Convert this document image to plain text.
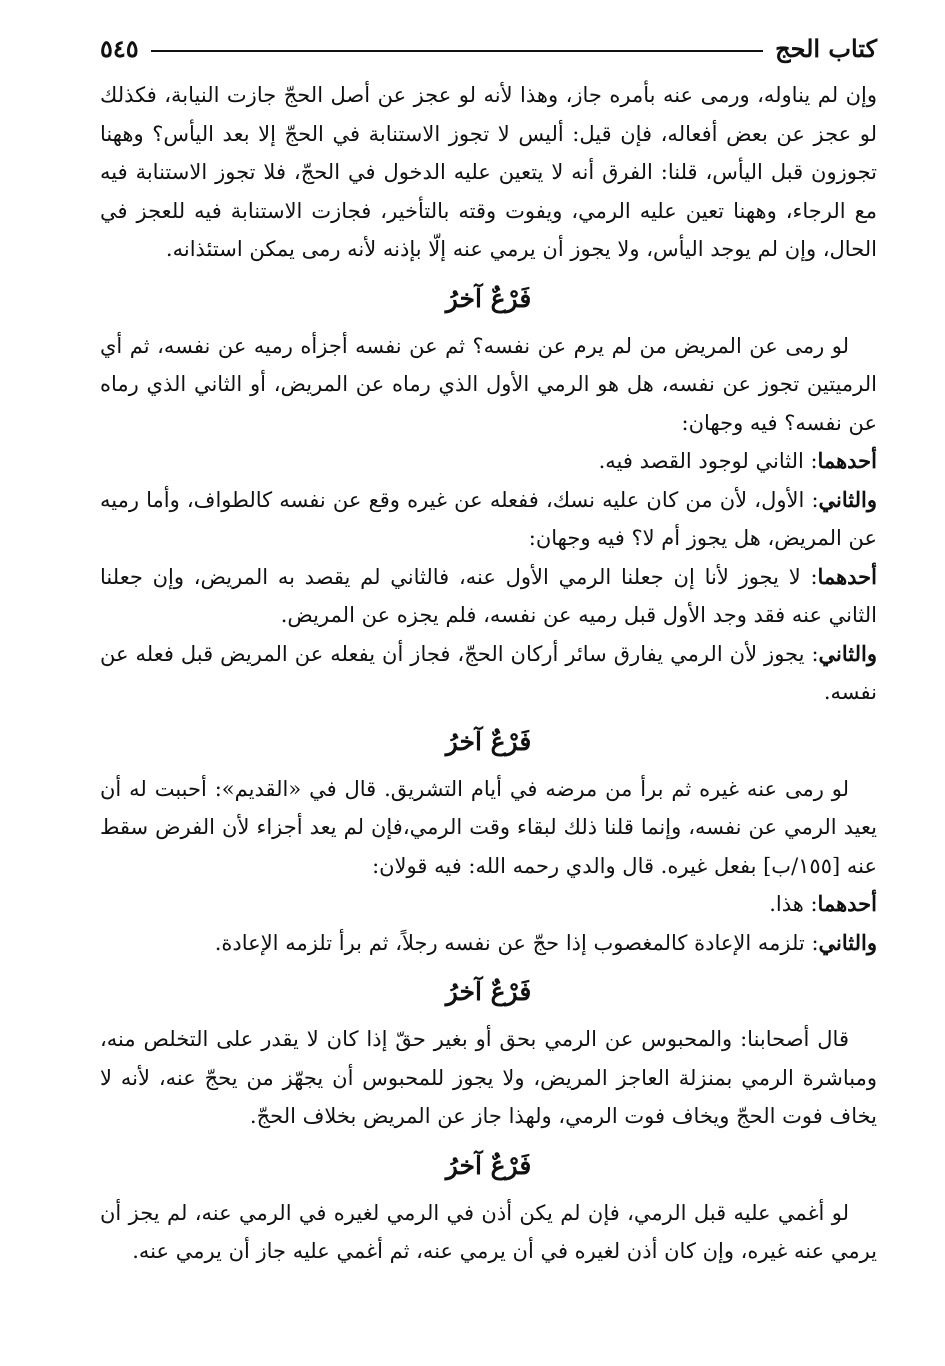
كتاب الحج
٥٤٥

وإن لم يناوله، ورمى عنه بأمره جاز، وهذا لأنه لو عجز عن أصل الحجّ جازت النيابة، فكذلك لو عجز عن بعض أفعاله، فإن قيل: أليس لا تجوز الاستنابة في الحجّ إلا بعد اليأس؟ وههنا تجوزون قبل اليأس، قلنا: الفرق أنه لا يتعين عليه الدخول في الحجّ، فلا تجوز الاستنابة فيه مع الرجاء، وههنا تعين عليه الرمي، ويفوت وقته بالتأخير، فجازت الاستنابة فيه للعجز في الحال، وإن لم يوجد اليأس، ولا يجوز أن يرمي عنه إلّا بإذنه لأنه رمى يمكن استئذانه.

فَرْعٌ آخرُ

لو رمى عن المريض من لم يرم عن نفسه؟ ثم عن نفسه أجزأه رميه عن نفسه، ثم أي الرميتين تجوز عن نفسه، هل هو الرمي الأول الذي رماه عن المريض، أو الثاني الذي رماه عن نفسه؟ فيه وجهان:

أحدهما: الثاني لوجود القصد فيه.

والثاني: الأول، لأن من كان عليه نسك، ففعله عن غيره وقع عن نفسه كالطواف، وأما رميه عن المريض، هل يجوز أم لا؟ فيه وجهان:

أحدهما: لا يجوز لأنا إن جعلنا الرمي الأول عنه، فالثاني لم يقصد به المريض، وإن جعلنا الثاني عنه فقد وجد الأول قبل رميه عن نفسه، فلم يجزه عن المريض.

والثاني: يجوز لأن الرمي يفارق سائر أركان الحجّ، فجاز أن يفعله عن المريض قبل فعله عن نفسه.

فَرْعٌ آخرُ

لو رمى عنه غيره ثم برأ من مرضه في أيام التشريق. قال في «القديم»: أحببت له أن يعيد الرمي عن نفسه، وإنما قلنا ذلك لبقاء وقت الرمي،فإن لم يعد أجزاء لأن الفرض سقط عنه [١٥٥/ب] بفعل غيره. قال والدي رحمه الله: فيه قولان:

أحدهما: هذا.

والثاني: تلزمه الإعادة كالمغصوب إذا حجّ عن نفسه رجلاً، ثم برأ تلزمه الإعادة.

فَرْعٌ آخرُ

قال أصحابنا: والمحبوس عن الرمي بحق أو بغير حقّ إذا كان لا يقدر على التخلص منه، ومباشرة الرمي بمنزلة العاجز المريض، ولا يجوز للمحبوس أن يجهّز من يحجّ عنه، لأنه لا يخاف فوت الحجّ ويخاف فوت الرمي، ولهذا جاز عن المريض بخلاف الحجّ.

فَرْعٌ آخرُ

لو أغمي عليه قبل الرمي، فإن لم يكن أذن في الرمي لغيره في الرمي عنه، لم يجز أن يرمي عنه غيره، وإن كان أذن لغيره في أن يرمي عنه، ثم أغمي عليه جاز أن يرمي عنه.
